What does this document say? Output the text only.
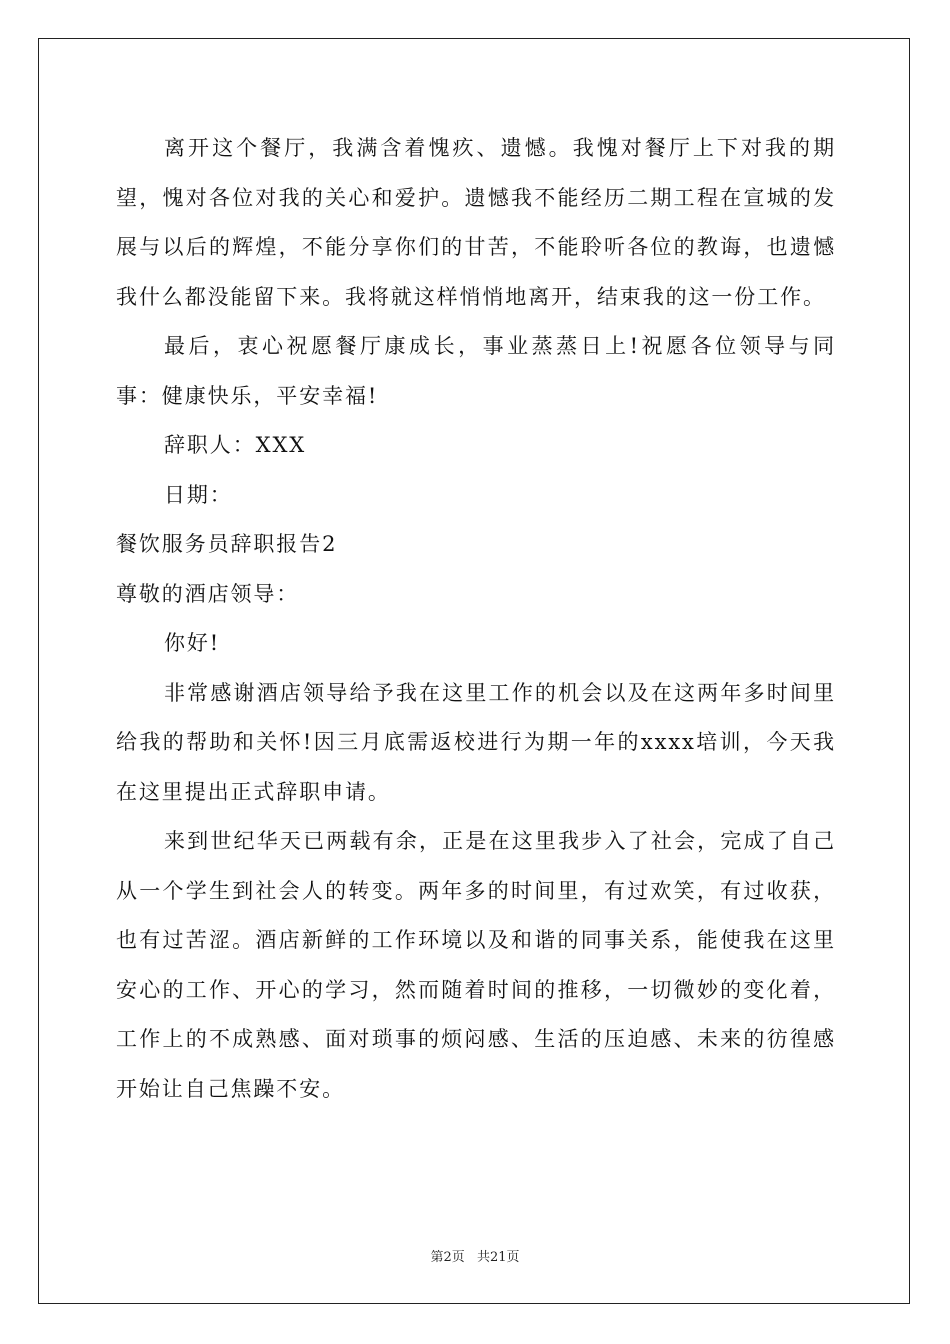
离开这个餐厅，我满含着愧疚、遗憾。我愧对餐厅上下对我的期望，愧对各位对我的关心和爱护。遗憾我不能经历二期工程在宣城的发展与以后的辉煌，不能分享你们的甘苦，不能聆听各位的教诲，也遗憾我什么都没能留下来。我将就这样悄悄地离开，结束我的这一份工作。

最后，衷心祝愿餐厅康成长，事业蒸蒸日上!祝愿各位领导与同事：健康快乐，平安幸福!

辞职人：XXX

日期：

餐饮服务员辞职报告2

尊敬的酒店领导：

你好!

非常感谢酒店领导给予我在这里工作的机会以及在这两年多时间里给我的帮助和关怀!因三月底需返校进行为期一年的xxxx培训，今天我在这里提出正式辞职申请。

来到世纪华天已两载有余，正是在这里我步入了社会，完成了自己从一个学生到社会人的转变。两年多的时间里，有过欢笑，有过收获，也有过苦涩。酒店新鲜的工作环境以及和谐的同事关系，能使我在这里安心的工作、开心的学习，然而随着时间的推移，一切微妙的变化着，工作上的不成熟感、面对琐事的烦闷感、生活的压迫感、未来的彷徨感开始让自己焦躁不安。

第2页 共21页
